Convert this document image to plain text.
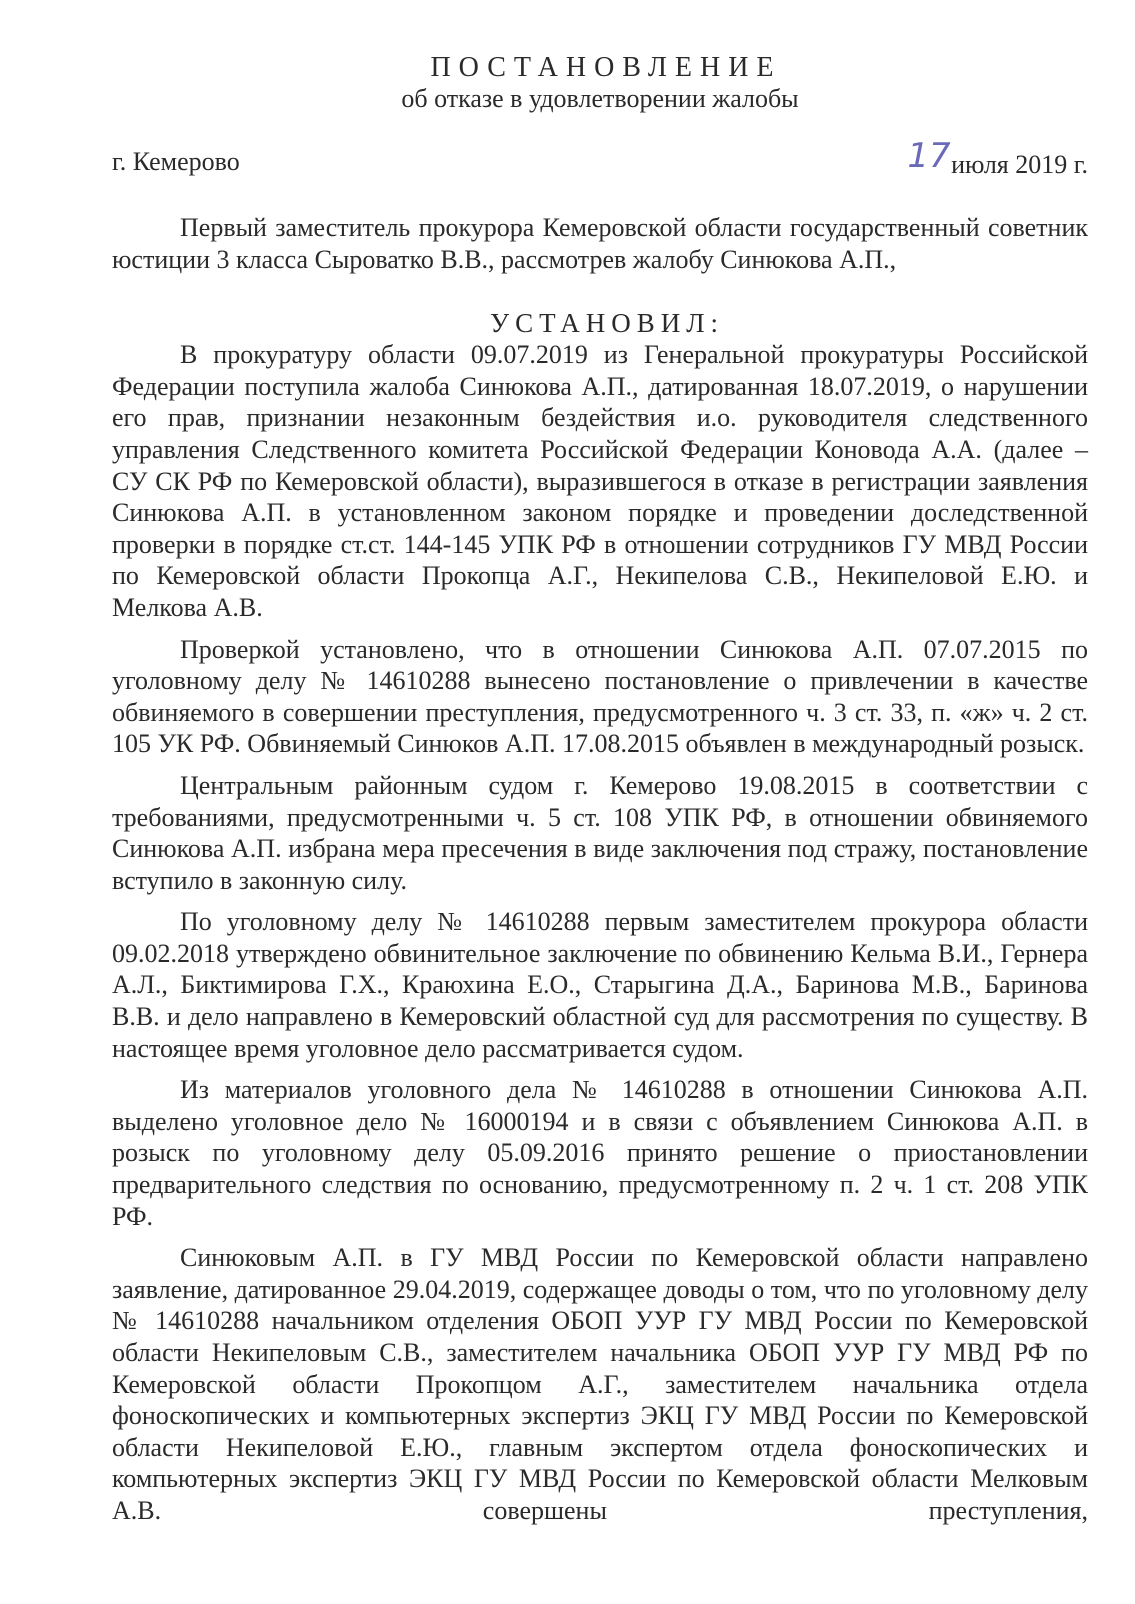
ПОСТАНОВЛЕНИЕ
об отказе в удовлетворении жалобы
г. Кемерово	17 июля 2019 г.

Первый заместитель прокурора Кемеровской области государственный советник юстиции 3 класса Сыроватко В.В., рассмотрев жалобу Синюкова А.П.,

УСТАНОВИЛ:

В прокуратуру области 09.07.2019 из Генеральной прокуратуры Российской Федерации поступила жалоба Синюкова А.П., датированная 18.07.2019, о нарушении его прав, признании незаконным бездействия и.о. руководителя следственного управления Следственного комитета Российской Федерации Коновода А.А. (далее – СУ СК РФ по Кемеровской области), выразившегося в отказе в регистрации заявления Синюкова А.П. в установленном законом порядке и проведении доследственной проверки в порядке ст.ст. 144-145 УПК РФ в отношении сотрудников ГУ МВД России по Кемеровской области Прокопца А.Г., Некипелова С.В., Некипеловой Е.Ю. и Мелкова А.В.

Проверкой установлено, что в отношении Синюкова А.П. 07.07.2015 по уголовному делу № 14610288 вынесено постановление о привлечении в качестве обвиняемого в совершении преступления, предусмотренного ч. 3 ст. 33, п. «ж» ч. 2 ст. 105 УК РФ. Обвиняемый Синюков А.П. 17.08.2015 объявлен в международный розыск.

Центральным районным судом г. Кемерово 19.08.2015 в соответствии с требованиями, предусмотренными ч. 5 ст. 108 УПК РФ, в отношении обвиняемого Синюкова А.П. избрана мера пресечения в виде заключения под стражу, постановление вступило в законную силу.

По уголовному делу № 14610288 первым заместителем прокурора области 09.02.2018 утверждено обвинительное заключение по обвинению Кельма В.И., Гернера А.Л., Биктимирова Г.Х., Краюхина Е.О., Старыгина Д.А., Баринова М.В., Баринова В.В. и дело направлено в Кемеровский областной суд для рассмотрения по существу. В настоящее время уголовное дело рассматривается судом.

Из материалов уголовного дела № 14610288 в отношении Синюкова А.П. выделено уголовное дело № 16000194 и в связи с объявлением Синюкова А.П. в розыск по уголовному делу 05.09.2016 принято решение о приостановлении предварительного следствия по основанию, предусмотренному п. 2 ч. 1 ст. 208 УПК РФ.

Синюковым А.П. в ГУ МВД России по Кемеровской области направлено заявление, датированное 29.04.2019, содержащее доводы о том, что по уголовному делу № 14610288 начальником отделения ОБОП УУР ГУ МВД России по Кемеровской области Некипеловым С.В., заместителем начальника ОБОП УУР ГУ МВД РФ по Кемеровской области Прокопцом А.Г., заместителем начальника отдела фоноскопических и компьютерных экспертиз ЭКЦ ГУ МВД России по Кемеровской области Некипеловой Е.Ю., главным экспертом отдела фоноскопических и компьютерных экспертиз ЭКЦ ГУ МВД России по Кемеровской области Мелковым А.В. совершены преступления,
